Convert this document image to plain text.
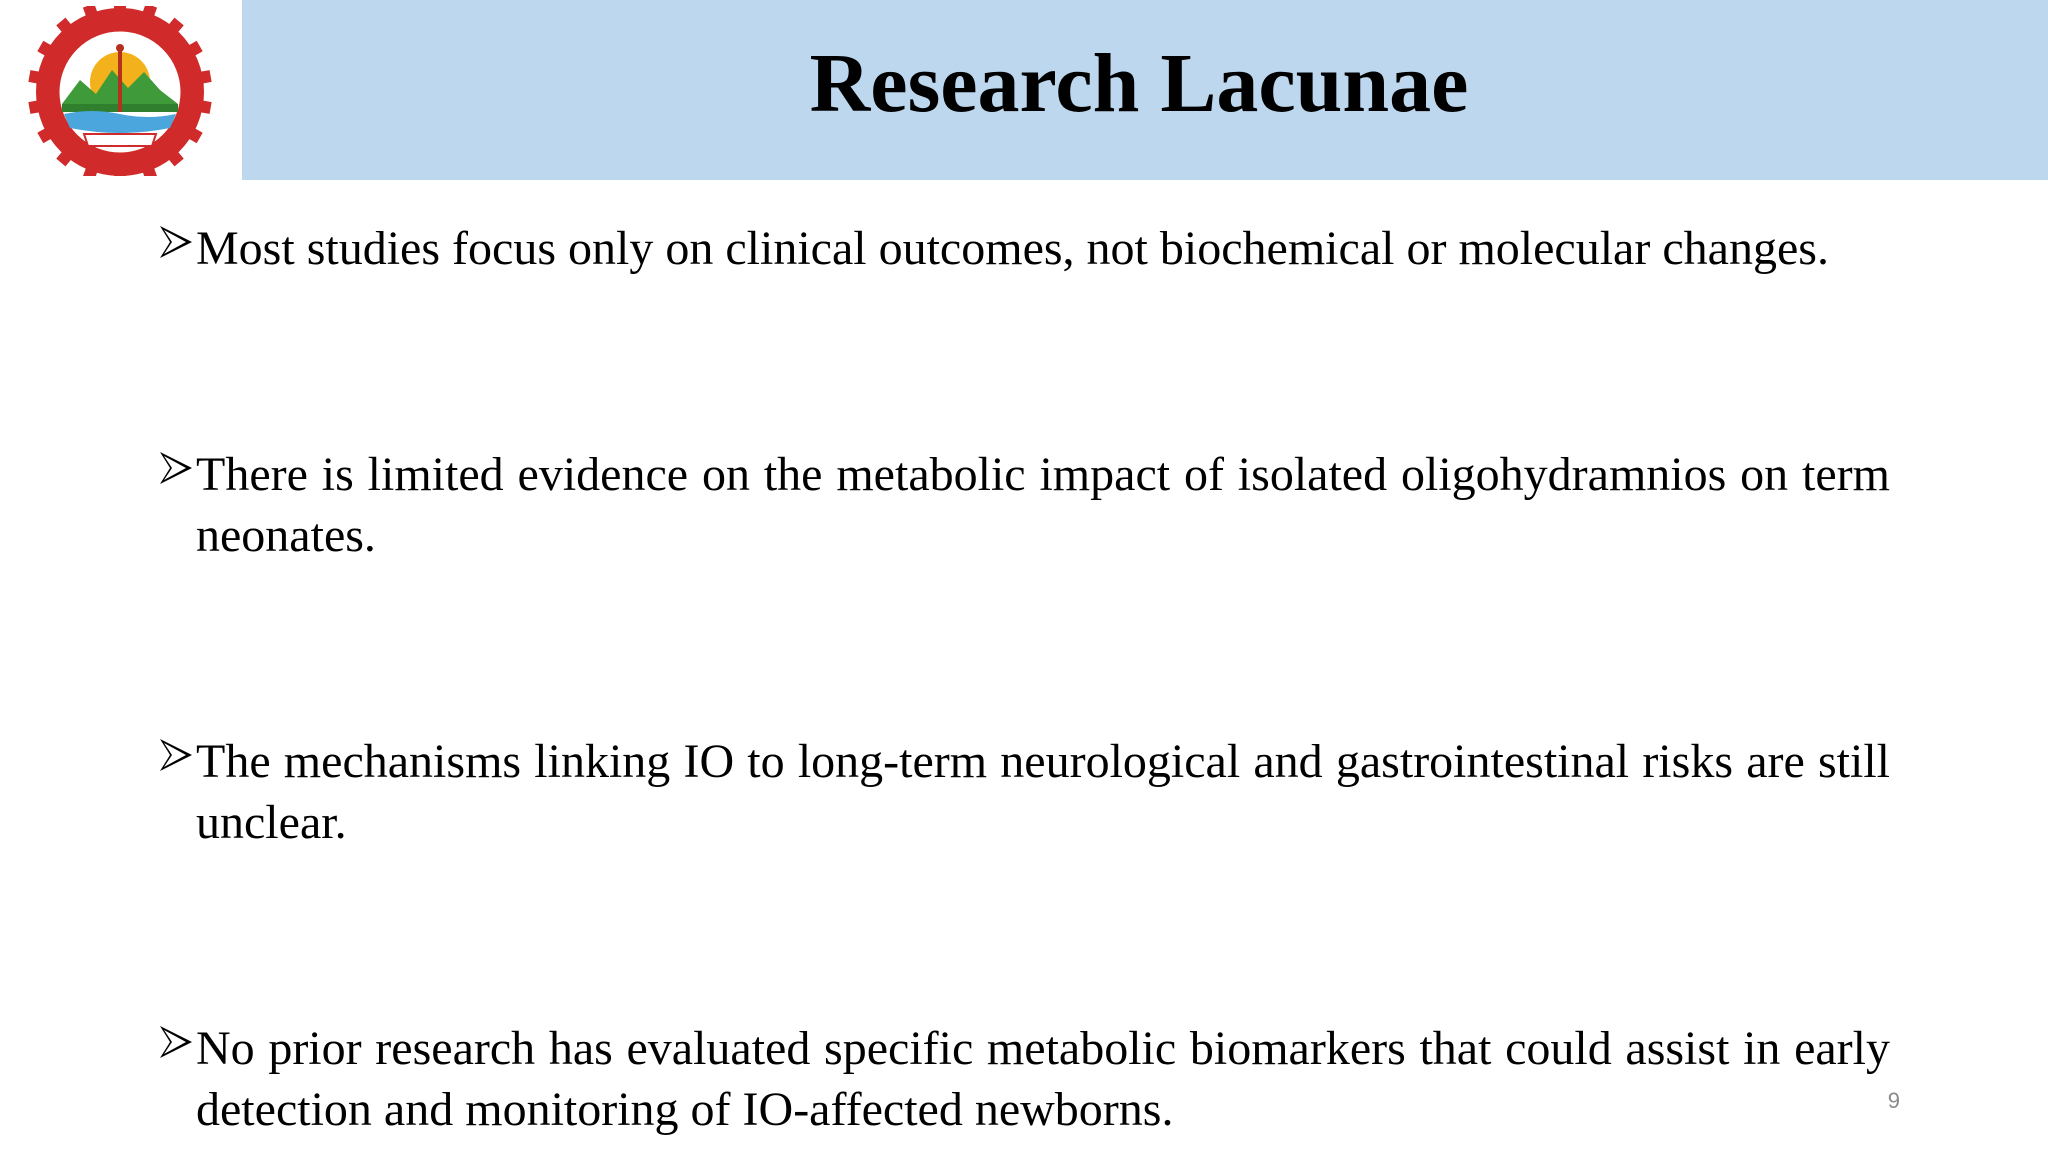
Research Lacunae

Most studies focus only on clinical outcomes, not biochemical or molecular changes.

There is limited evidence on the metabolic impact of isolated oligohydramnios on term neonates.

The mechanisms linking IO to long-term neurological and gastrointestinal risks are still unclear.

No prior research has evaluated specific metabolic biomarkers that could assist in early detection and monitoring of IO-affected newborns.	9
